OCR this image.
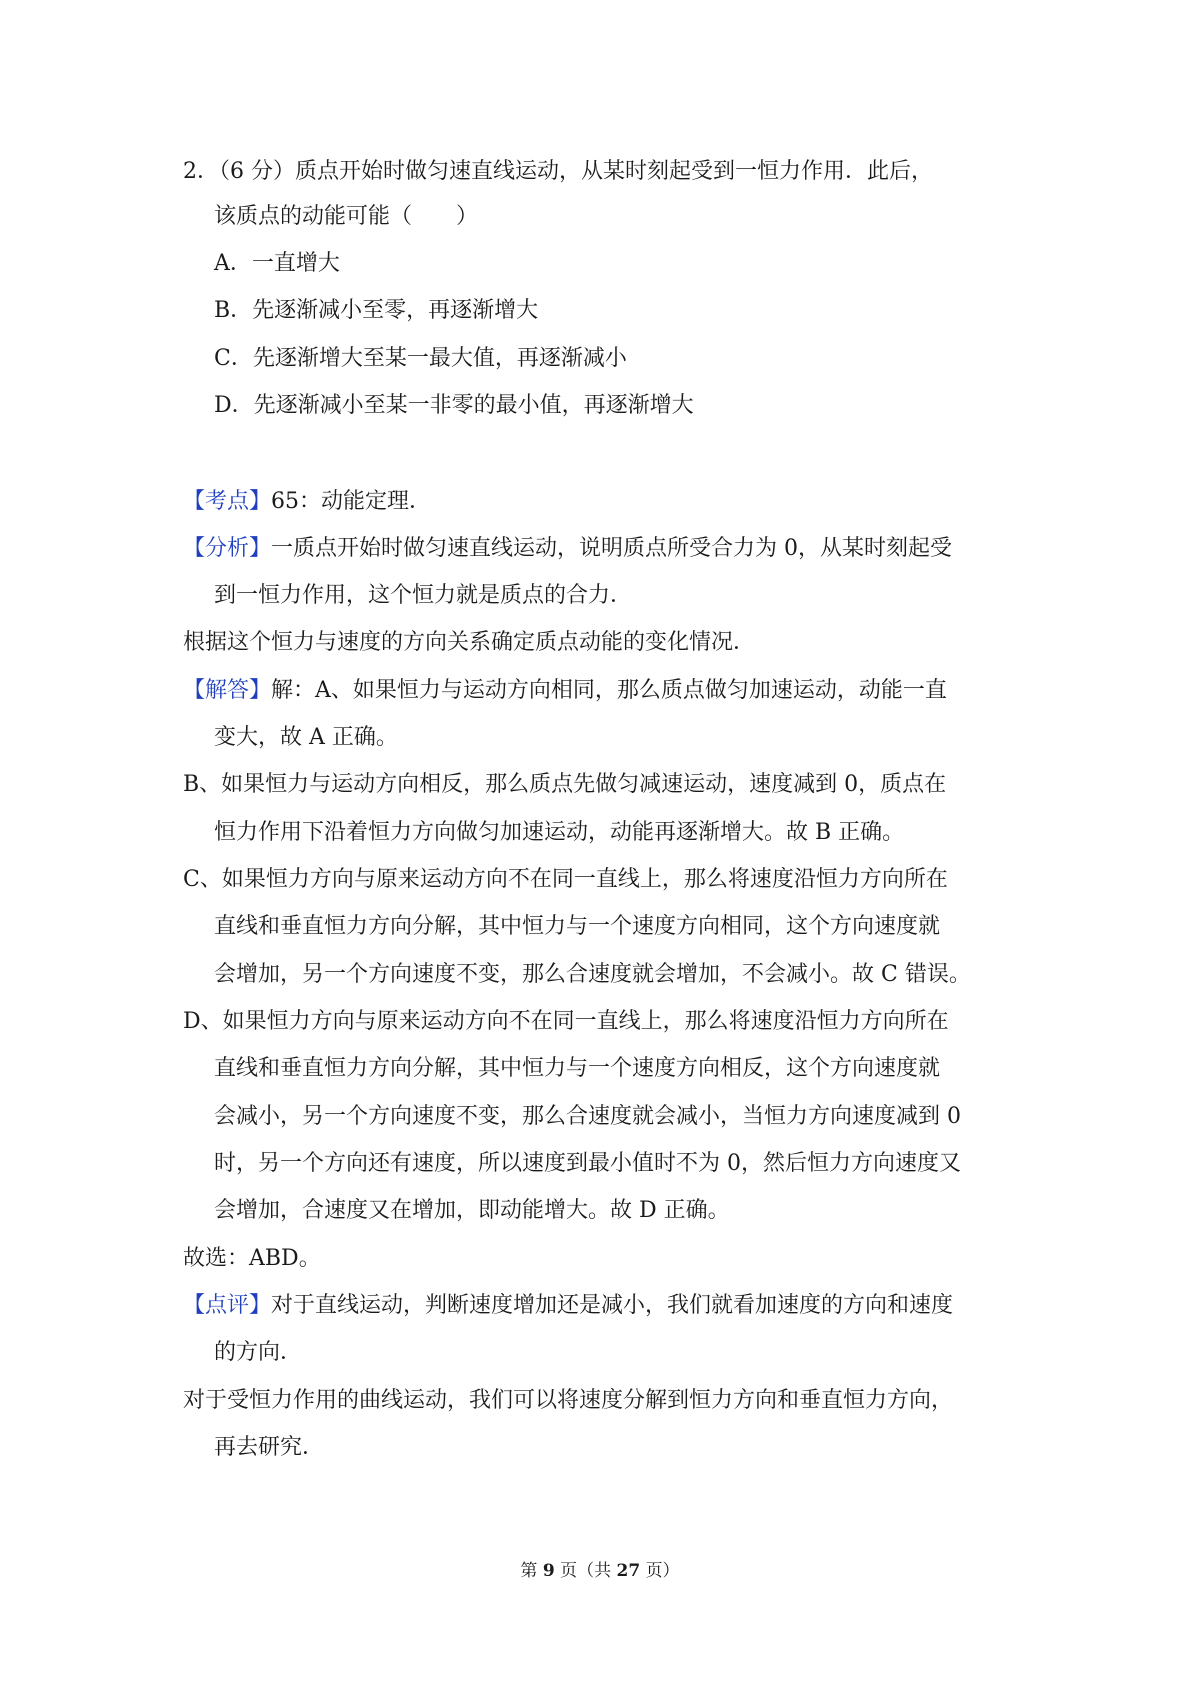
2．（6 分）质点开始时做匀速直线运动，从某时刻起受到一恒力作用．此后，
该质点的动能可能（　　）
A．一直增大
B．先逐渐减小至零，再逐渐增大
C．先逐渐增大至某一最大值，再逐渐减小
D．先逐渐减小至某一非零的最小值，再逐渐增大
【考点】65：动能定理．
【分析】一质点开始时做匀速直线运动，说明质点所受合力为 0，从某时刻起受
到一恒力作用，这个恒力就是质点的合力．
根据这个恒力与速度的方向关系确定质点动能的变化情况．
【解答】解：A、如果恒力与运动方向相同，那么质点做匀加速运动，动能一直
变大，故 A 正确。
B、如果恒力与运动方向相反，那么质点先做匀减速运动，速度减到 0，质点在
恒力作用下沿着恒力方向做匀加速运动，动能再逐渐增大。故 B 正确。
C、如果恒力方向与原来运动方向不在同一直线上，那么将速度沿恒力方向所在
直线和垂直恒力方向分解，其中恒力与一个速度方向相同，这个方向速度就
会增加，另一个方向速度不变，那么合速度就会增加，不会减小。故 C 错误。
D、如果恒力方向与原来运动方向不在同一直线上，那么将速度沿恒力方向所在
直线和垂直恒力方向分解，其中恒力与一个速度方向相反，这个方向速度就
会减小，另一个方向速度不变，那么合速度就会减小，当恒力方向速度减到 0
时，另一个方向还有速度，所以速度到最小值时不为 0，然后恒力方向速度又
会增加，合速度又在增加，即动能增大。故 D 正确。
故选：ABD。
【点评】对于直线运动，判断速度增加还是减小，我们就看加速度的方向和速度
的方向．
对于受恒力作用的曲线运动，我们可以将速度分解到恒力方向和垂直恒力方向，
再去研究．
第 9 页（共 27 页）
